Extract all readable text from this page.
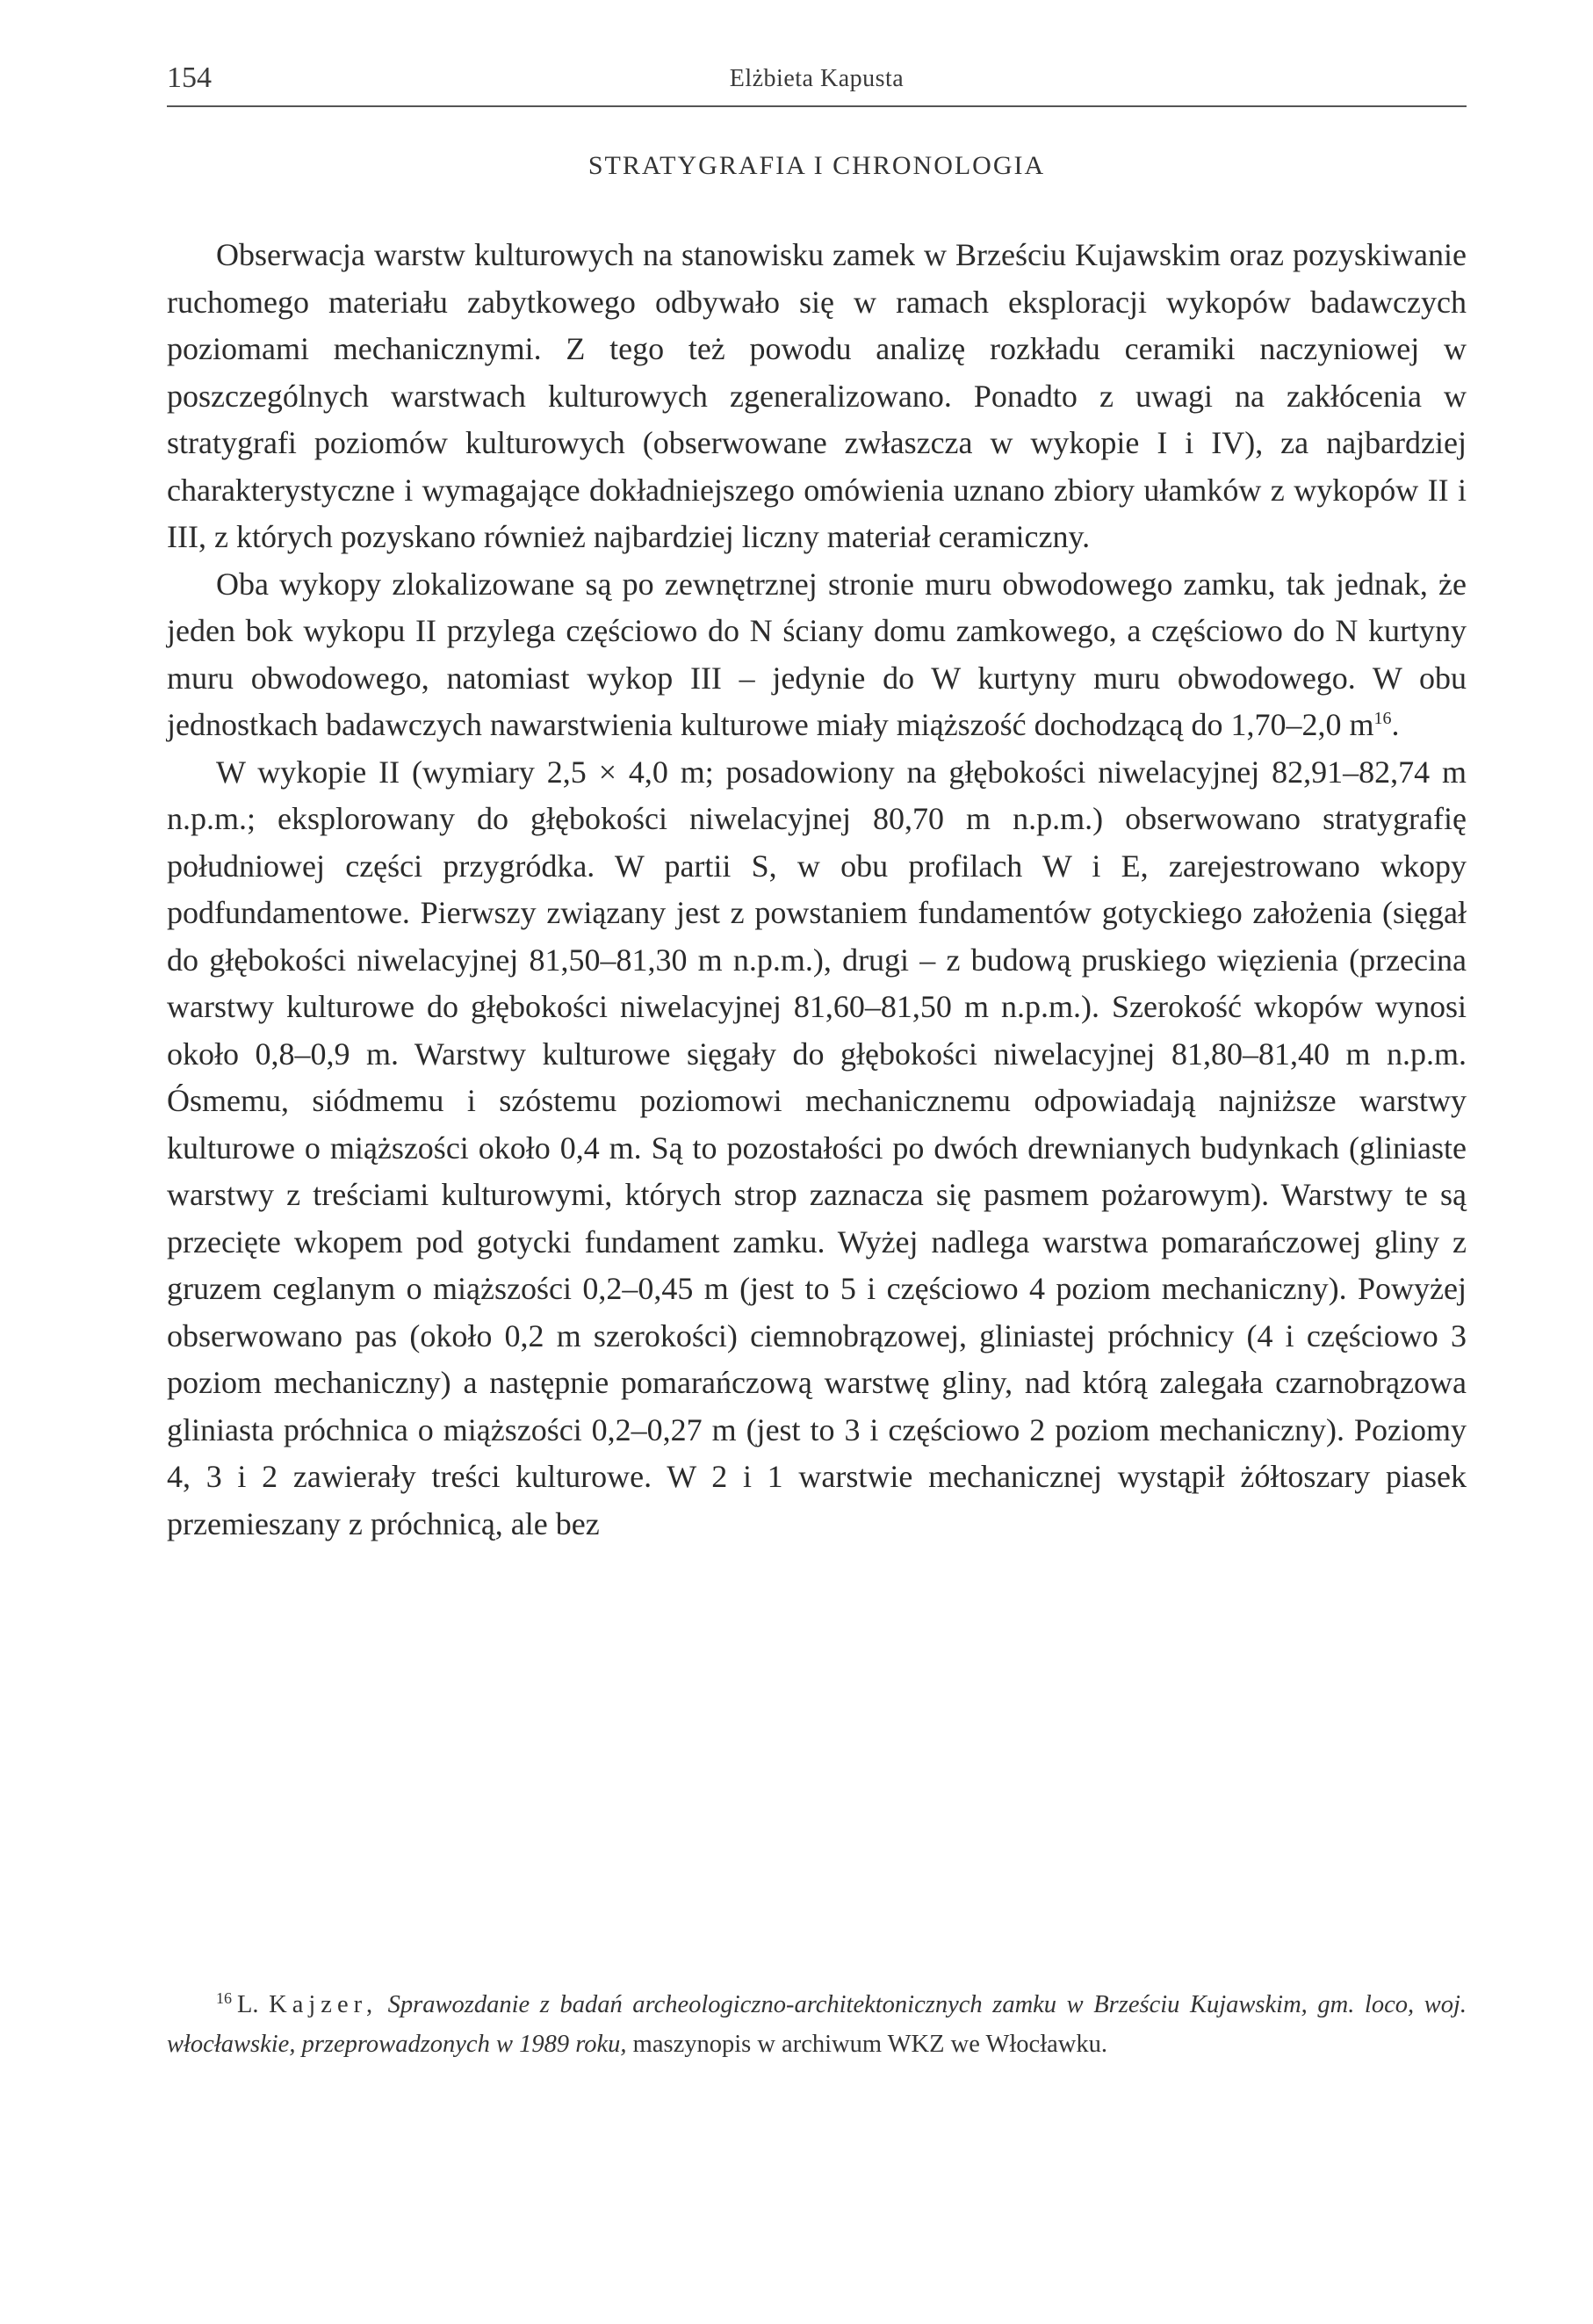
154	Elżbieta Kapusta
STRATYGRAFIA I CHRONOLOGIA

Obserwacja warstw kulturowych na stanowisku zamek w Brześciu Kujawskim oraz pozyskiwanie ruchomego materiału zabytkowego odbywało się w ramach eksploracji wykopów badawczych poziomami mechanicznymi. Z tego też powodu analizę rozkładu ceramiki naczyniowej w poszczególnych warstwach kulturowych zgeneralizowano. Ponadto z uwagi na zakłócenia w stratygrafi poziomów kulturowych (obserwowane zwłaszcza w wykopie I i IV), za najbardziej charakterystyczne i wymagające dokładniejszego omówienia uznano zbiory ułamków z wykopów II i III, z których pozyskano również najbardziej liczny materiał ceramiczny.

Oba wykopy zlokalizowane są po zewnętrznej stronie muru obwodowego zamku, tak jednak, że jeden bok wykopu II przylega częściowo do N ściany domu zamkowego, a częściowo do N kurtyny muru obwodowego, natomiast wykop III – jedynie do W kurtyny muru obwodowego. W obu jednostkach badawczych nawarstwienia kulturowe miały miąższość dochodzącą do 1,70–2,0 m$^{16}$.

W wykopie II (wymiary 2,5 × 4,0 m; posadowiony na głębokości niwelacyjnej 82,91–82,74 m n.p.m.; eksplorowany do głębokości niwelacyjnej 80,70 m n.p.m.) obserwowano stratygrafię południowej części przygródka. W partii S, w obu profilach W i E, zarejestrowano wkopy podfundamentowe. Pierwszy związany jest z powstaniem fundamentów gotyckiego założenia (sięgał do głębokości niwelacyjnej 81,50–81,30 m n.p.m.), drugi – z budową pruskiego więzienia (przecina warstwy kulturowe do głębokości niwelacyjnej 81,60–81,50 m n.p.m.). Szerokość wkopów wynosi około 0,8–0,9 m. Warstwy kulturowe sięgały do głębokości niwelacyjnej 81,80–81,40 m n.p.m. Ósmemu, siódmemu i szóstemu poziomowi mechanicznemu odpowiadają najniższe warstwy kulturowe o miąższości około 0,4 m. Są to pozostałości po dwóch drewnianych budynkach (gliniaste warstwy z treściami kulturowymi, których strop zaznacza się pasmem pożarowym). Warstwy te są przecięte wkopem pod gotycki fundament zamku. Wyżej nadlega warstwa pomarańczowej gliny z gruzem ceglanym o miąższości 0,2–0,45 m (jest to 5 i częściowo 4 poziom mechaniczny). Powyżej obserwowano pas (około 0,2 m szerokości) ciemnobrązowej, gliniastej próchnicy (4 i częściowo 3 poziom mechaniczny) a następnie pomarańczową warstwę gliny, nad którą zalegała czarnobrązowa gliniasta próchnica o miąższości 0,2–0,27 m (jest to 3 i częściowo 2 poziom mechaniczny). Poziomy 4, 3 i 2 zawierały treści kulturowe. W 2 i 1 warstwie mechanicznej wystąpił żółtoszary piasek przemieszany z próchnicą, ale bez

$^{16}$ L. Kajzer, Sprawozdanie z badań archeologiczno-architektonicznych zamku w Brześciu Kujawskim, gm. loco, woj. włocławskie, przeprowadzonych w 1989 roku, maszynopis w archiwum WKZ we Włocławku.
